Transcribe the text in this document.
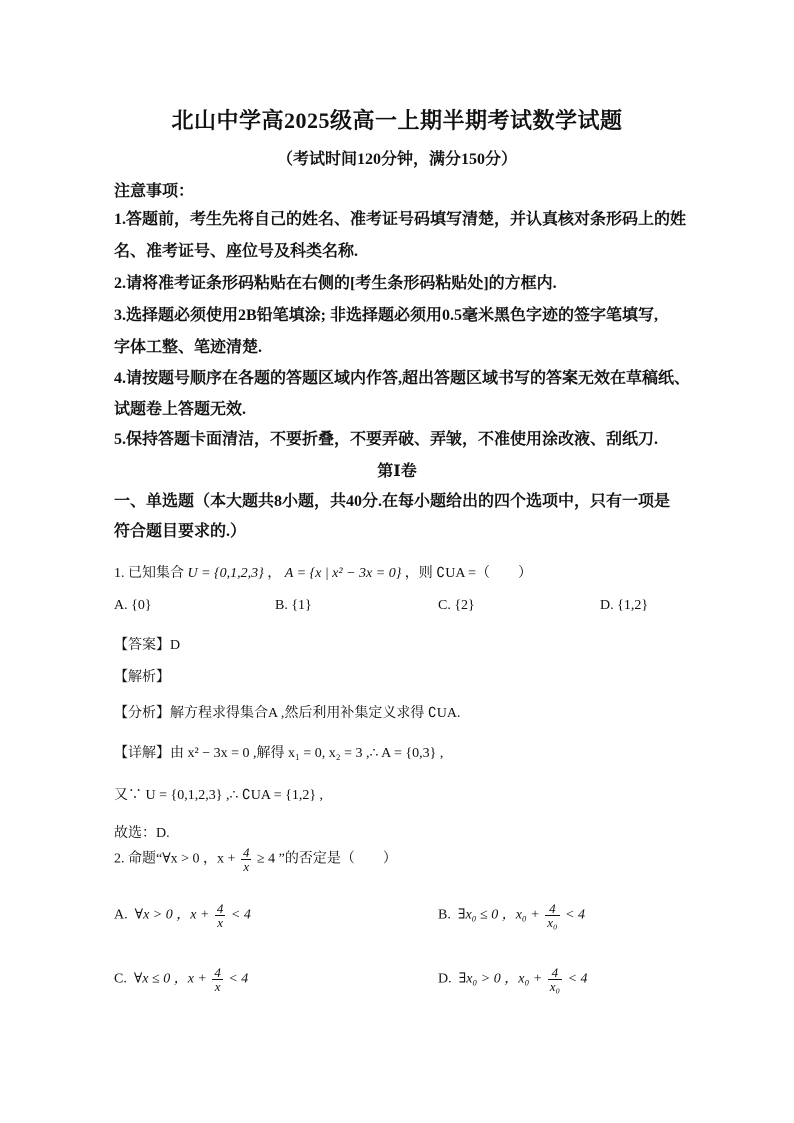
北山中学高2025级高一上期半期考试数学试题
（考试时间120分钟，满分150分）
注意事项：
1.答题前，考生先将自己的姓名、准考证号码填写清楚，并认真核对条形码上的姓
名、准考证号、座位号及科类名称.
2.请将准考证条形码粘贴在右侧的[考生条形码粘贴处]的方框内.
3.选择题必须使用2B铅笔填涂; 非选择题必须用0.5毫米黑色字迹的签字笔填写,
字体工整、笔迹清楚.
4.请按题号顺序在各题的答题区域内作答,超出答题区域书写的答案无效在草稿纸、
试题卷上答题无效.
5.保持答题卡面清洁，不要折叠，不要弄破、弄皱，不准使用涂改液、刮纸刀.
第Ⅰ卷
一、单选题（本大题共8小题，共40分.在每小题给出的四个选项中，只有一项是
符合题目要求的.）
1. 已知集合 U = {0,1,2,3} ， A = {x | x² − 3x = 0} ，则 ∁UA =（　　）
A. {0}	B. {1}	C. {2}	D. {1,2}
【答案】D
【解析】
【分析】解方程求得集合A ,然后利用补集定义求得 ∁UA.
【详解】由 x² − 3x = 0 ,解得 x₁ = 0, x₂ = 3 ,∴ A = {0,3} ,
又∵ U = {0,1,2,3} ,∴ ∁UA = {1,2} ,
故选：D.
2. 命题“∀x > 0 ，$x + \frac{4}{x} \ge 4$ ”的否定是（　　）
A. ∀x > 0 ，$x + \frac{4}{x} < 4$	B. ∃x₀ ≤ 0 ，$x_0 + \frac{4}{\text{x₀}} < 4$
C. ∀x ≤ 0 ，$x + \frac{4}{x} < 4$	D. ∃x₀ > 0 ，$x_0 + \frac{4}{\text{x₀}} < 4$
